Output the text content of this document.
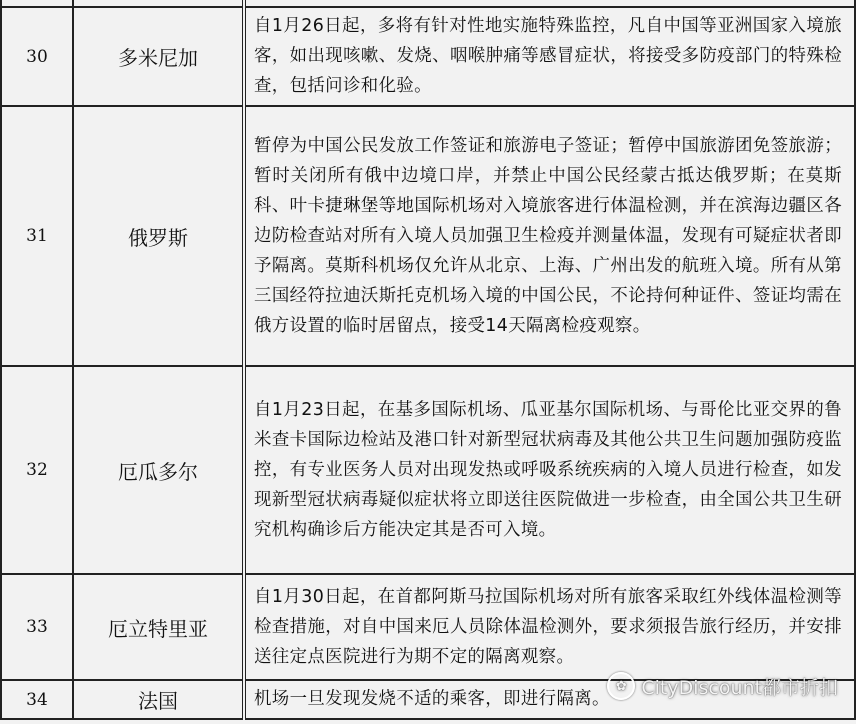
30	多米尼加	自1月26日起，多将有针对性地实施特殊监控，凡自中国等亚洲国家入境旅客，如出现咳嗽、发烧、咽喉肿痛等感冒症状，将接受多防疫部门的特殊检查，包括问诊和化验。
31	俄罗斯	暂停为中国公民发放工作签证和旅游电子签证；暂停中国旅游团免签旅游；暂时关闭所有俄中边境口岸，并禁止中国公民经蒙古抵达俄罗斯；在莫斯科、叶卡捷琳堡等地国际机场对入境旅客进行体温检测，并在滨海边疆区各边防检查站对所有入境人员加强卫生检疫并测量体温，发现有可疑症状者即予隔离。莫斯科机场仅允许从北京、上海、广州出发的航班入境。所有从第三国经符拉迪沃斯托克机场入境的中国公民，不论持何种证件、签证均需在俄方设置的临时居留点，接受14天隔离检疫观察。
32	厄瓜多尔	自1月23日起，在基多国际机场、瓜亚基尔国际机场、与哥伦比亚交界的鲁米查卡国际边检站及港口针对新型冠状病毒及其他公共卫生问题加强防疫监控，有专业医务人员对出现发热或呼吸系统疾病的入境人员进行检查，如发现新型冠状病毒疑似症状将立即送往医院做进一步检查，由全国公共卫生研究机构确诊后方能决定其是否可入境。
33	厄立特里亚	自1月30日起，在首都阿斯马拉国际机场对所有旅客采取红外线体温检测等检查措施，对自中国来厄人员除体温检测外，要求须报告旅行经历，并安排送往定点医院进行为期不定的隔离观察。
34	法国	机场一旦发现发烧不适的乘客，即进行隔离。
✿ CityDiscount都市折扣
